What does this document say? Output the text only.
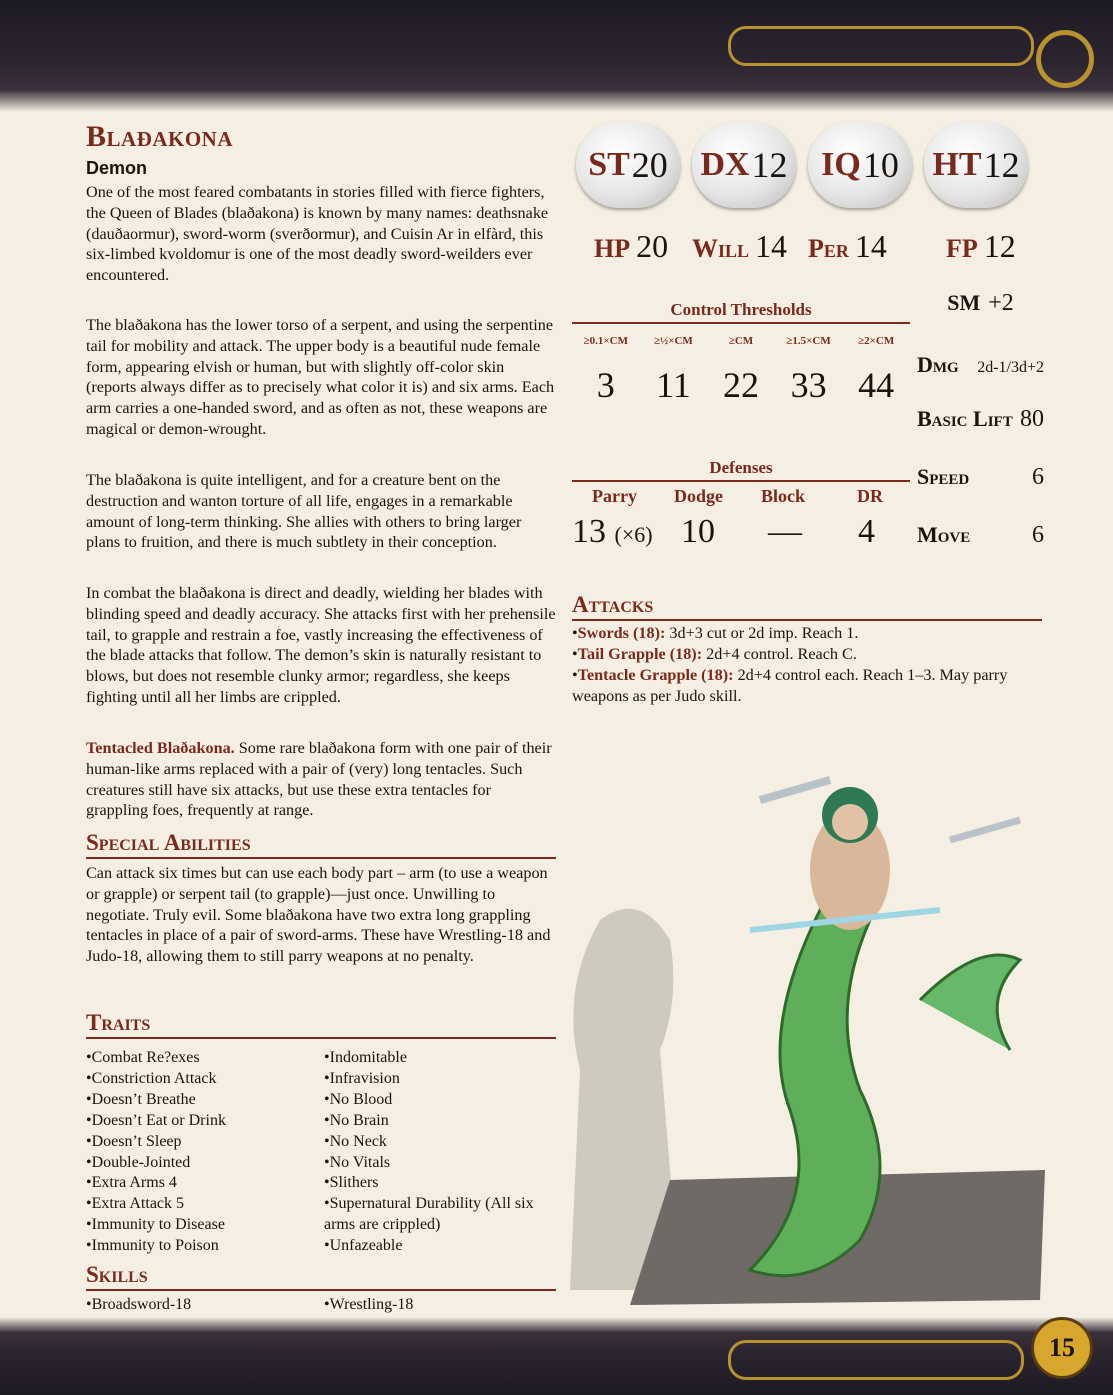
15
Blaðakona
Demon

One of the most feared combatants in stories filled with fierce fighters, the Queen of Blades (blaðakona) is known by many names: deathsnake (dauðaormur), sword-worm (sverðormur), and Cuisin Ar in elfàrd, this six-limbed kvoldomur is one of the most deadly sword-weilders ever encountered.

The blaðakona has the lower torso of a serpent, and using the serpentine tail for mobility and attack. The upper body is a beautiful nude female form, appearing elvish or human, but with slightly off-color skin (reports always differ as to precisely what color it is) and six arms. Each arm carries a one-handed sword, and as often as not, these weapons are magical or demon-wrought.

The blaðakona is quite intelligent, and for a creature bent on the destruction and wanton torture of all life, engages in a remarkable amount of long-term thinking. She allies with others to bring larger plans to fruition, and there is much subtlety in their conception.

In combat the blaðakona is direct and deadly, wielding her blades with blinding speed and deadly accuracy. She attacks first with her prehensile tail, to grapple and restrain a foe, vastly increasing the effectiveness of the blade attacks that follow. The demon’s skin is naturally resistant to blows, but does not resemble clunky armor; regardless, she keeps fighting until all her limbs are crippled.

Tentacled Blaðakona. Some rare blaðakona form with one pair of their human-like arms replaced with a pair of (very) long tentacles. Such creatures still have six attacks, but use these extra tentacles for grappling foes, frequently at range.

Special Abilities

Can attack six times but can use each body part – arm (to use a weapon or grapple) or serpent tail (to grapple)—just once. Unwilling to negotiate. Truly evil. Some blaðakona have two extra long grappling tentacles in place of a pair of sword-arms. These have Wrestling-18 and Judo-18, allowing them to still parry weapons at no penalty.

Traits
• Combat Re?exes
• Constriction Attack
• Doesn’t Breathe
• Doesn’t Eat or Drink
• Doesn’t Sleep
• Double-Jointed
• Extra Arms 4
• Extra Attack 5
• Immunity to Disease
• Immunity to Poison
• Indomitable
• Infravision
• No Blood
• No Brain
• No Neck
• No Vitals
• Slithers
• Supernatural Durability (All six arms are crippled)
• Unfazeable
Skills
• Broadsword-18
•	Wrestling-18
ST 20 DX 12 IQ 10 HT 12
HP 20 Will 14 Per 14 FP 12
Control Thresholds
≥0.1×CM	≥½×CM	≥CM	≥1.5×CM	≥2×CM
3	11 22 33 44
Defenses
Parry Dodge Block	DR
13 (×6) 10 — 4
SM
+2
Dmg 2d-1/3d+2
Basic Lift 80
Speed	6
Move	6
Attacks
•Swords (18): 3d+3 cut or 2d imp. Reach 1.
•Tail Grapple (18): 2d+4 control. Reach C.
•Tentacle Grapple (18): 2d+4 control each. Reach 1–3. May parry weapons as per Judo skill.
